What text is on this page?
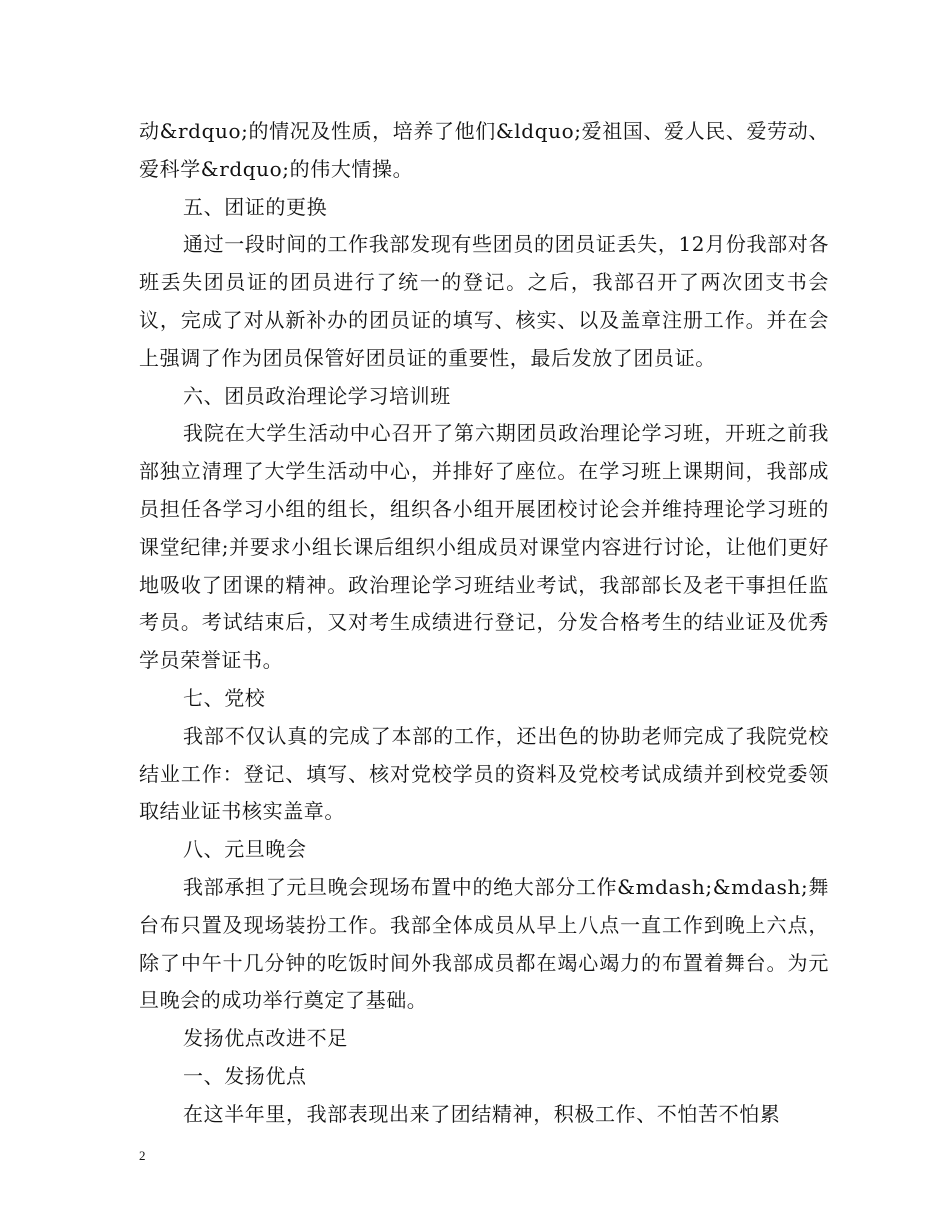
动&rdquo;的情况及性质，培养了他们&ldquo;爱祖国、爱人民、爱劳动、爱科学&rdquo;的伟大情操。

五、团证的更换

通过一段时间的工作我部发现有些团员的团员证丢失，12月份我部对各班丢失团员证的团员进行了统一的登记。之后，我部召开了两次团支书会议，完成了对从新补办的团员证的填写、核实、以及盖章注册工作。并在会上强调了作为团员保管好团员证的重要性，最后发放了团员证。

六、团员政治理论学习培训班

我院在大学生活动中心召开了第六期团员政治理论学习班，开班之前我部独立清理了大学生活动中心，并排好了座位。在学习班上课期间，我部成员担任各学习小组的组长，组织各小组开展团校讨论会并维持理论学习班的课堂纪律;并要求小组长课后组织小组成员对课堂内容进行讨论，让他们更好地吸收了团课的精神。政治理论学习班结业考试，我部部长及老干事担任监考员。考试结束后，又对考生成绩进行登记，分发合格考生的结业证及优秀学员荣誉证书。

七、党校

我部不仅认真的完成了本部的工作，还出色的协助老师完成了我院党校结业工作：登记、填写、核对党校学员的资料及党校考试成绩并到校党委领取结业证书核实盖章。

八、元旦晚会

我部承担了元旦晚会现场布置中的绝大部分工作&mdash;&mdash;舞台布只置及现场装扮工作。我部全体成员从早上八点一直工作到晚上六点，除了中午十几分钟的吃饭时间外我部成员都在竭心竭力的布置着舞台。为元旦晚会的成功举行奠定了基础。

发扬优点改进不足

一、发扬优点

在这半年里，我部表现出来了团结精神，积极工作、不怕苦不怕累

2
